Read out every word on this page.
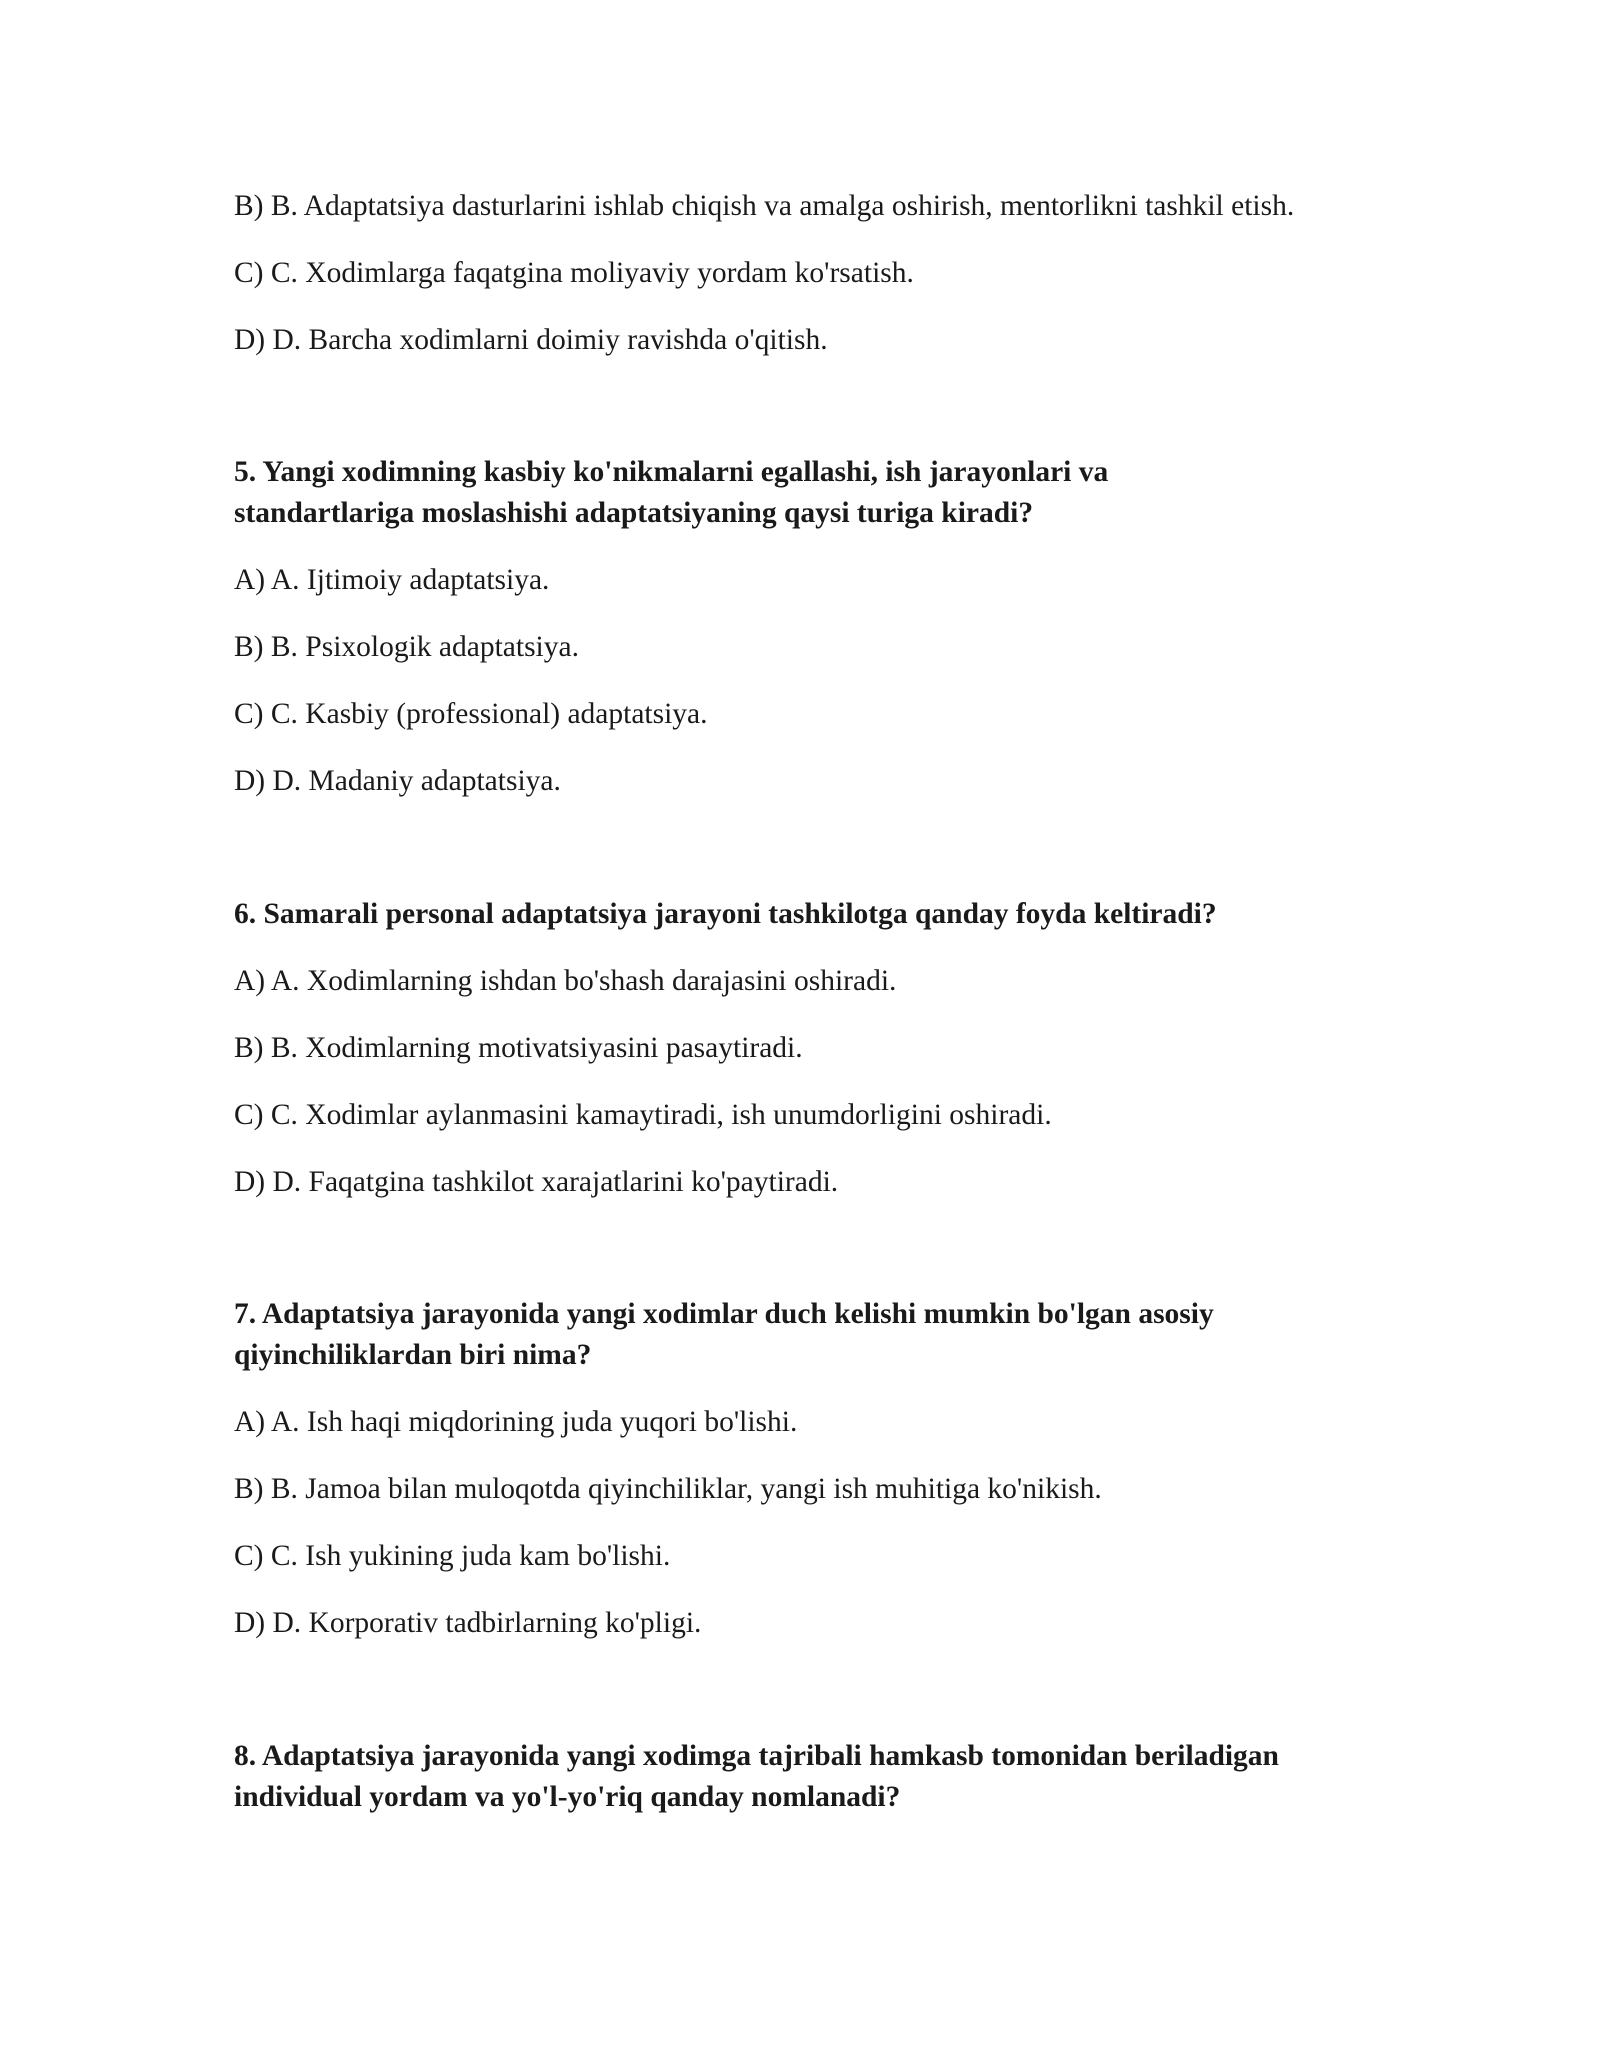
B) B. Adaptatsiya dasturlarini ishlab chiqish va amalga oshirish, mentorlikni tashkil etish.
C) C. Xodimlarga faqatgina moliyaviy yordam ko'rsatish.
D) D. Barcha xodimlarni doimiy ravishda o'qitish.
5. Yangi xodimning kasbiy ko'nikmalarni egallashi, ish jarayonlari va
standartlariga moslashishi adaptatsiyaning qaysi turiga kiradi?
A) A. Ijtimoiy adaptatsiya.
B) B. Psixologik adaptatsiya.
C) C. Kasbiy (professional) adaptatsiya.
D) D. Madaniy adaptatsiya.
6. Samarali personal adaptatsiya jarayoni tashkilotga qanday foyda keltiradi?
A) A. Xodimlarning ishdan bo'shash darajasini oshiradi.
B) B. Xodimlarning motivatsiyasini pasaytiradi.
C) C. Xodimlar aylanmasini kamaytiradi, ish unumdorligini oshiradi.
D) D. Faqatgina tashkilot xarajatlarini ko'paytiradi.
7. Adaptatsiya jarayonida yangi xodimlar duch kelishi mumkin bo'lgan asosiy
qiyinchiliklardan biri nima?
A) A. Ish haqi miqdorining juda yuqori bo'lishi.
B) B. Jamoa bilan muloqotda qiyinchiliklar, yangi ish muhitiga ko'nikish.
C) C. Ish yukining juda kam bo'lishi.
D) D. Korporativ tadbirlarning ko'pligi.
8. Adaptatsiya jarayonida yangi xodimga tajribali hamkasb tomonidan beriladigan
individual yordam va yo'l-yo'riq qanday nomlanadi?
